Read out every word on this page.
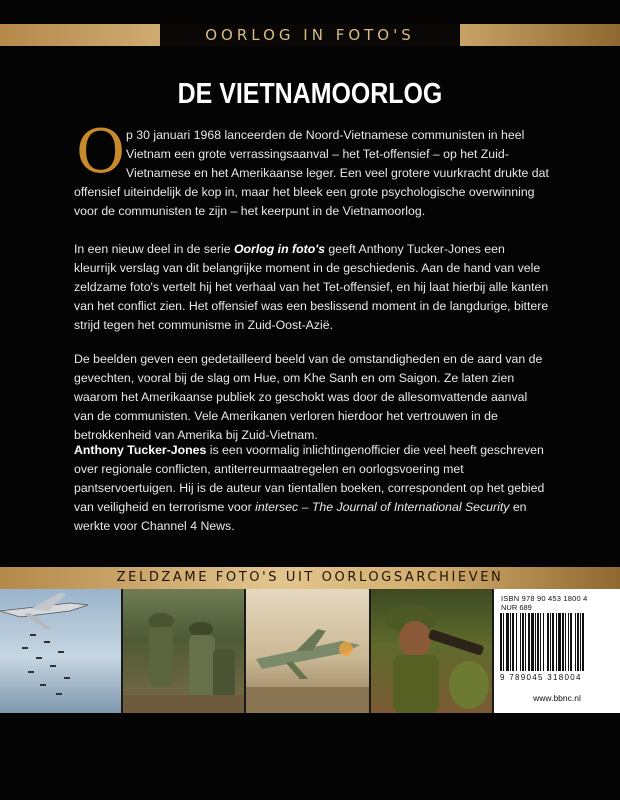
OORLOG IN FOTO'S
DE VIETNAMOORLOG
O p 30 januari 1968 lanceerden de Noord-Vietnamese communisten in heel
Vietnam een grote verrassingsaanval – het Tet-offensief – op het Zuid-
Vietnamese en het Amerikaanse leger. Een veel grotere vuurkracht drukte dat
offensief uiteindelijk de kop in, maar het bleek een grote psychologische overwinning
voor de communisten te zijn – het keerpunt in de Vietnamoorlog.

In een nieuw deel in de serie Oorlog in foto's geeft Anthony Tucker-Jones een kleurrijk verslag van dit belangrijke moment in de geschiedenis. Aan de hand van vele zeldzame foto's vertelt hij het verhaal van het Tet-offensief, en hij laat hierbij alle kanten van het conflict zien. Het offensief was een beslissend moment in de langdurige, bittere strijd tegen het communisme in Zuid-Oost-Azië.

De beelden geven een gedetailleerd beeld van de omstandigheden en de aard van de gevechten, vooral bij de slag om Hue, om Khe Sanh en om Saigon. Ze laten zien waarom het Amerikaanse publiek zo geschokt was door de allesomvattende aanval van de communisten. Vele Amerikanen verloren hierdoor het vertrouwen in de betrokkenheid van Amerika bij Zuid-Vietnam.

Anthony Tucker-Jones is een voormalig inlichtingenofficier die veel heeft geschreven over regionale conflicten, antiterreurmaatregelen en oorlogsvoering met pantservoertuigen. Hij is de auteur van tientallen boeken, correspondent op het gebied van veiligheid en terrorisme voor intersec – The Journal of International Security en werkte voor Channel 4 News.

ZELDZAME FOTO'S UIT OORLOGSARCHIEVEN
ISBN 978 90 453 1800 4
NUR 689
9 789045 318004
www.bbnc.nl
